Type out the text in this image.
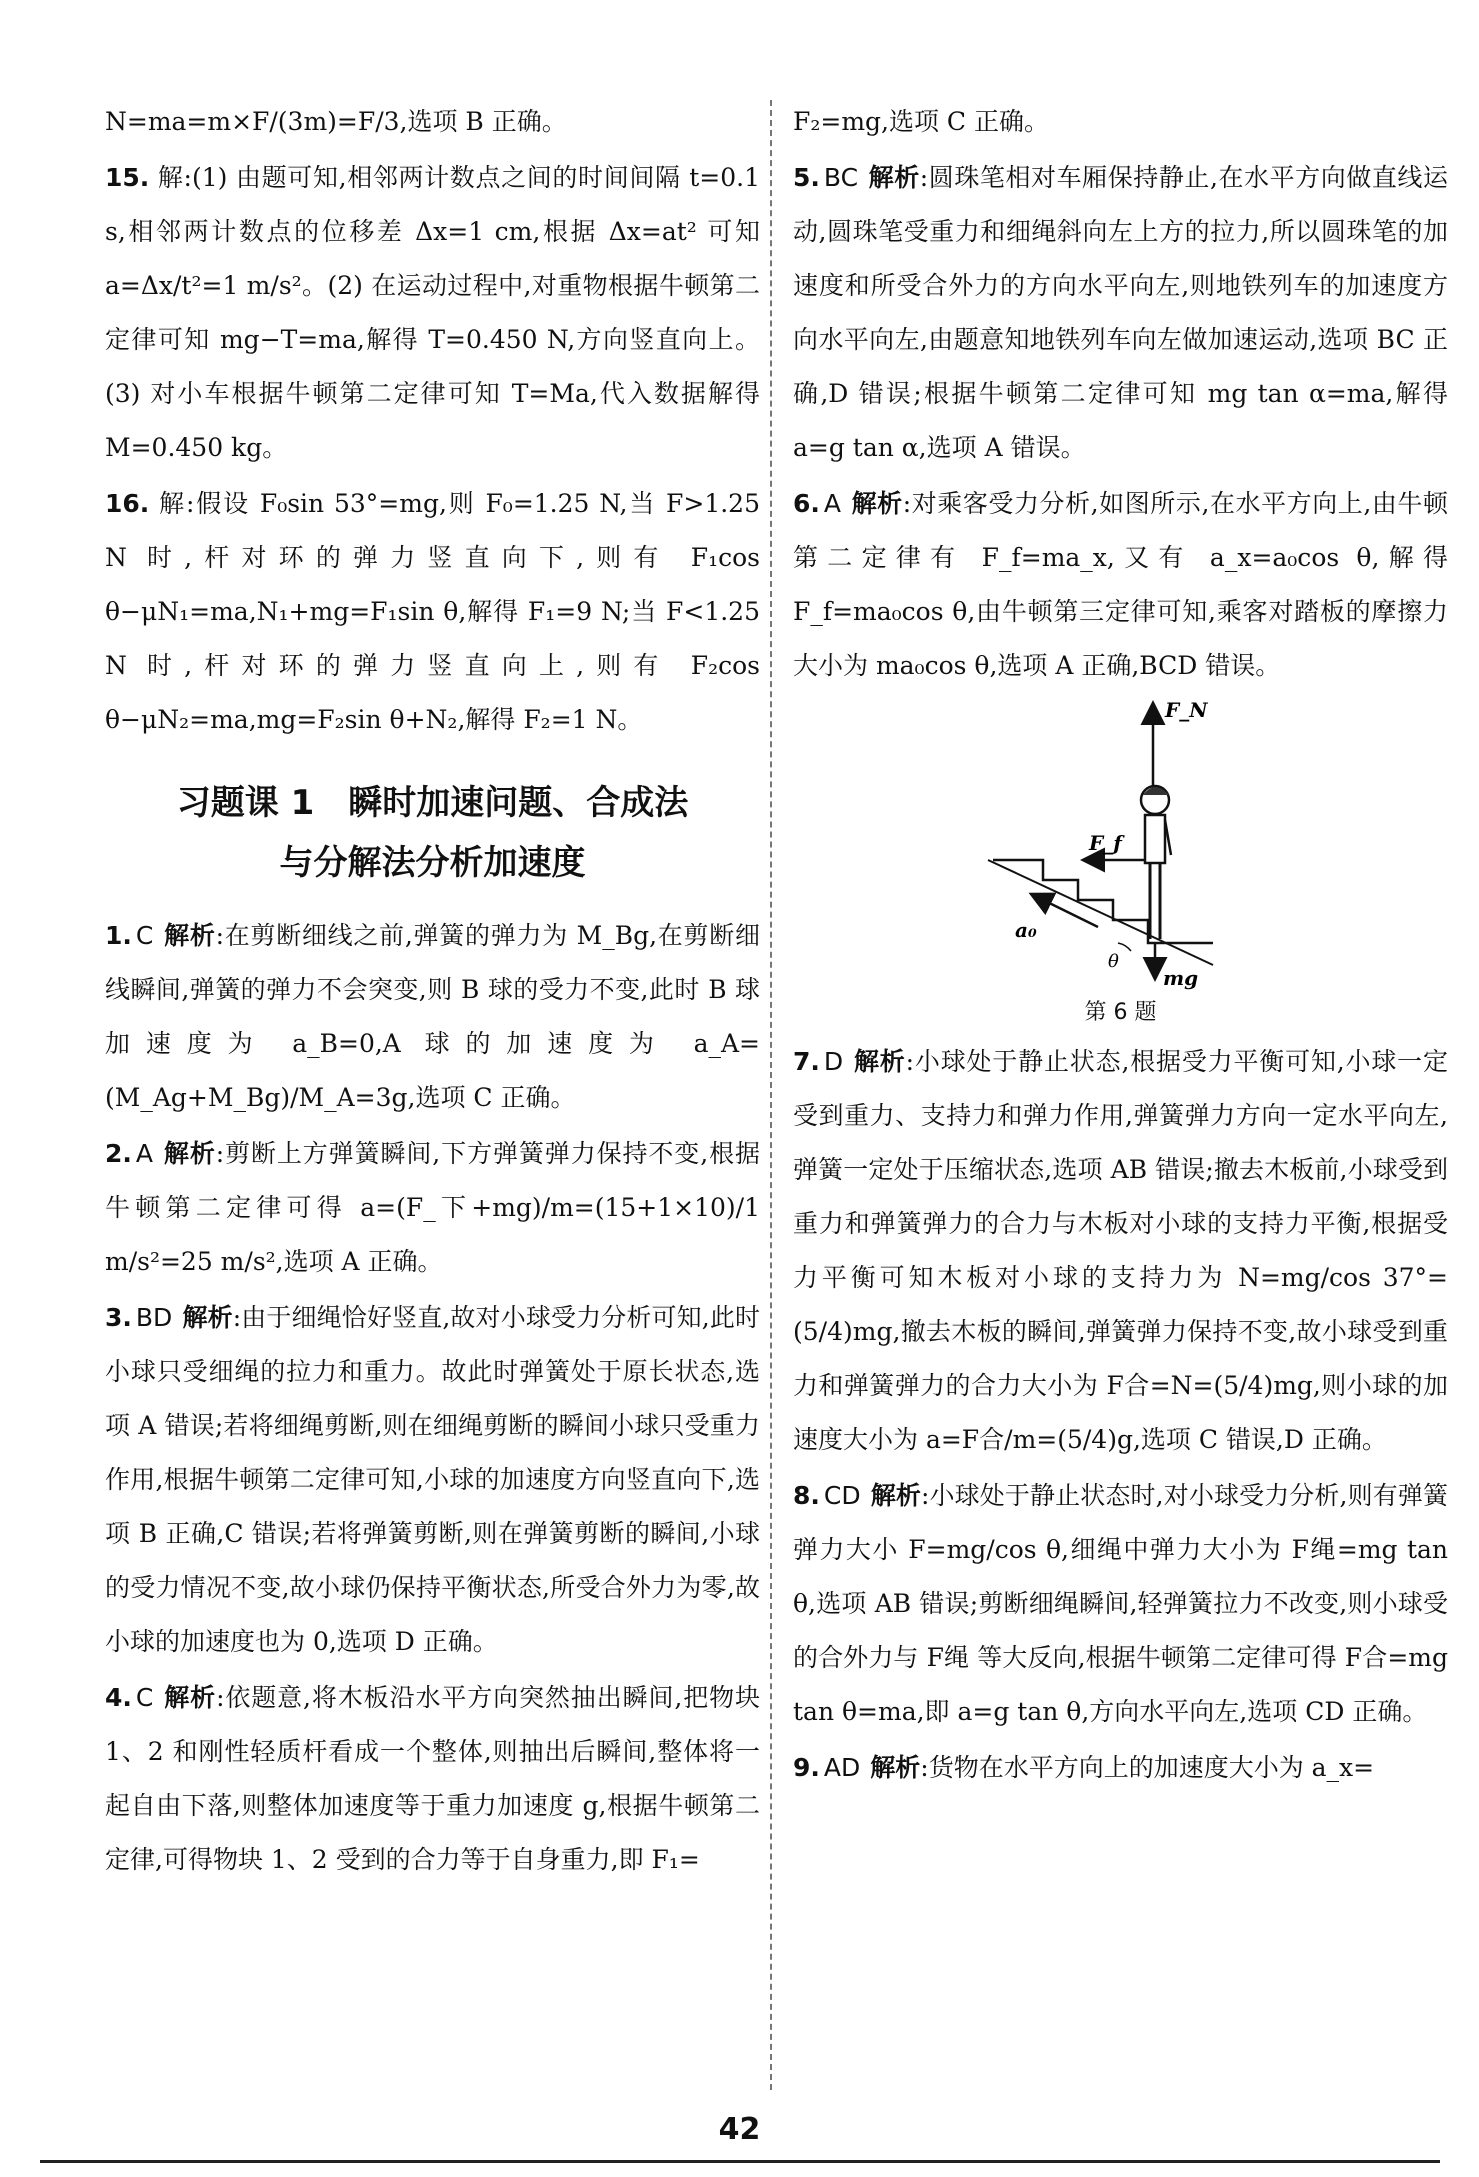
N=ma=m×F/(3m)=F/3,选项 B 正确。

15. 解:(1) 由题可知,相邻两计数点之间的时间间隔 t=0.1 s,相邻两计数点的位移差 Δx=1 cm,根据 Δx=at² 可知 a=Δx/t²=1 m/s²。(2) 在运动过程中,对重物根据牛顿第二定律可知 mg−T=ma,解得 T=0.450 N,方向竖直向上。(3) 对小车根据牛顿第二定律可知 T=Ma,代入数据解得 M=0.450 kg。

16. 解:假设 F₀sin 53°=mg,则 F₀=1.25 N,当 F>1.25 N 时,杆对环的弹力竖直向下,则有 F₁cos θ−μN₁=ma,N₁+mg=F₁sin θ,解得 F₁=9 N;当 F<1.25 N 时,杆对环的弹力竖直向上,则有 F₂cos θ−μN₂=ma,mg=F₂sin θ+N₂,解得 F₂=1 N。

习题课 1　瞬时加速问题、合成法
与分解法分析加速度

1. C 解析:在剪断细线之前,弹簧的弹力为 M_Bg,在剪断细线瞬间,弹簧的弹力不会突变,则 B 球的受力不变,此时 B 球加速度为 a_B=0,A 球的加速度为 a_A=(M_Ag+M_Bg)/M_A=3g,选项 C 正确。

2. A 解析:剪断上方弹簧瞬间,下方弹簧弹力保持不变,根据牛顿第二定律可得 a=(F_下+mg)/m=(15+1×10)/1 m/s²=25 m/s²,选项 A 正确。

3. BD 解析:由于细绳恰好竖直,故对小球受力分析可知,此时小球只受细绳的拉力和重力。故此时弹簧处于原长状态,选项 A 错误;若将细绳剪断,则在细绳剪断的瞬间小球只受重力作用,根据牛顿第二定律可知,小球的加速度方向竖直向下,选项 B 正确,C 错误;若将弹簧剪断,则在弹簧剪断的瞬间,小球的受力情况不变,故小球仍保持平衡状态,所受合外力为零,故小球的加速度也为 0,选项 D 正确。

4. C 解析:依题意,将木板沿水平方向突然抽出瞬间,把物块 1、2 和刚性轻质杆看成一个整体,则抽出后瞬间,整体将一起自由下落,则整体加速度等于重力加速度 g,根据牛顿第二定律,可得物块 1、2 受到的合力等于自身重力,即 F₁=

F₂=mg,选项 C 正确。

5. BC 解析:圆珠笔相对车厢保持静止,在水平方向做直线运动,圆珠笔受重力和细绳斜向左上方的拉力,所以圆珠笔的加速度和所受合外力的方向水平向左,则地铁列车的加速度方向水平向左,由题意知地铁列车向左做加速运动,选项 BC 正确,D 错误;根据牛顿第二定律可知 mg tan α=ma,解得 a=g tan α,选项 A 错误。

6. A 解析:对乘客受力分析,如图所示,在水平方向上,由牛顿第二定律有 F_f=ma_x,又有 a_x=a₀cos θ,解得 F_f=ma₀cos θ,由牛顿第三定律可知,乘客对踏板的摩擦力大小为 ma₀cos θ,选项 A 正确,BCD 错误。

F_N
F_f
a₀
θ
mg
第 6 题

7. D 解析:小球处于静止状态,根据受力平衡可知,小球一定受到重力、支持力和弹力作用,弹簧弹力方向一定水平向左,弹簧一定处于压缩状态,选项 AB 错误;撤去木板前,小球受到重力和弹簧弹力的合力与木板对小球的支持力平衡,根据受力平衡可知木板对小球的支持力为 N=mg/cos 37°=(5/4)mg,撤去木板的瞬间,弹簧弹力保持不变,故小球受到重力和弹簧弹力的合力大小为 F合=N=(5/4)mg,则小球的加速度大小为 a=F合/m=(5/4)g,选项 C 错误,D 正确。

8. CD 解析:小球处于静止状态时,对小球受力分析,则有弹簧弹力大小 F=mg/cos θ,细绳中弹力大小为 F绳=mg tan θ,选项 AB 错误;剪断细绳瞬间,轻弹簧拉力不改变,则小球受的合外力与 F绳 等大反向,根据牛顿第二定律可得 F合=mg tan θ=ma,即 a=g tan θ,方向水平向左,选项 CD 正确。

9. AD 解析:货物在水平方向上的加速度大小为 a_x=

42
